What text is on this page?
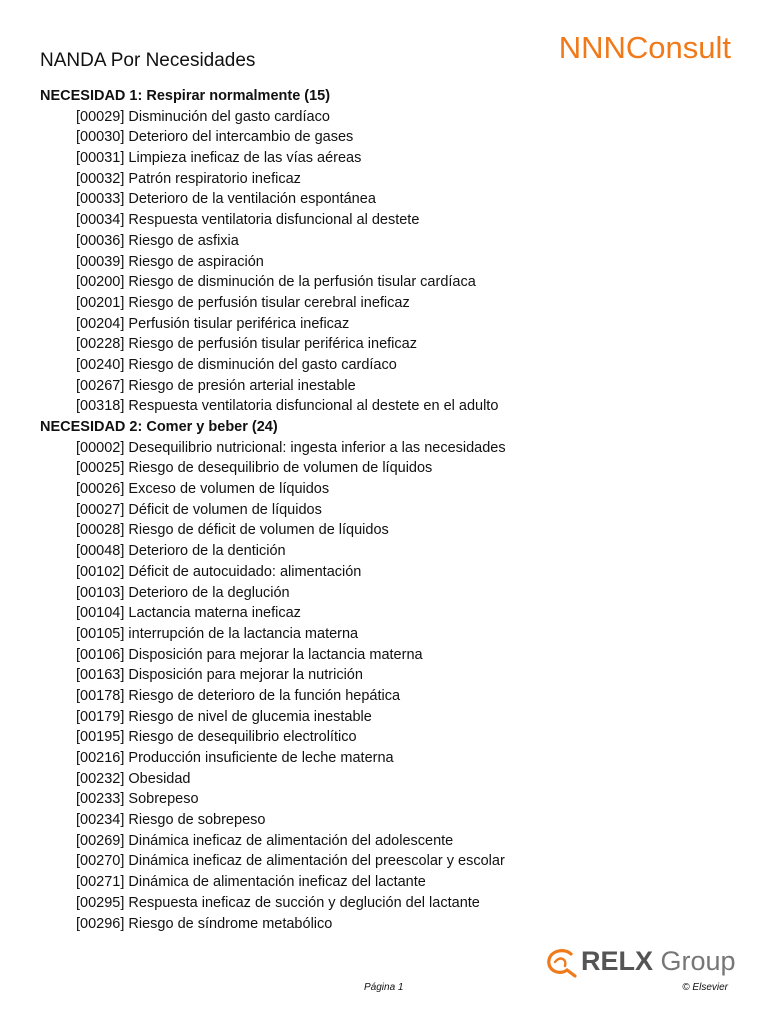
NANDA Por Necesidades	NNNConsult
NECESIDAD 1: Respirar normalmente (15)
[00029] Disminución del gasto cardíaco
[00030] Deterioro del intercambio de gases
[00031] Limpieza ineficaz de las vías aéreas
[00032] Patrón respiratorio ineficaz
[00033] Deterioro de la ventilación espontánea
[00034] Respuesta ventilatoria disfuncional al destete
[00036] Riesgo de asfixia
[00039] Riesgo de aspiración
[00200] Riesgo de disminución de la perfusión tisular cardíaca
[00201] Riesgo de perfusión tisular cerebral ineficaz
[00204] Perfusión tisular periférica ineficaz
[00228] Riesgo de perfusión tisular periférica ineficaz
[00240] Riesgo de disminución del gasto cardíaco
[00267] Riesgo de presión arterial inestable
[00318] Respuesta ventilatoria disfuncional al destete en el adulto
NECESIDAD 2: Comer y beber (24)
[00002] Desequilibrio nutricional: ingesta inferior a las necesidades
[00025] Riesgo de desequilibrio de volumen de líquidos
[00026] Exceso de volumen de líquidos
[00027] Déficit de volumen de líquidos
[00028] Riesgo de déficit de volumen de líquidos
[00048] Deterioro de la dentición
[00102] Déficit de autocuidado: alimentación
[00103] Deterioro de la deglución
[00104] Lactancia materna ineficaz
[00105] interrupción de la lactancia materna
[00106] Disposición para mejorar la lactancia materna
[00163] Disposición para mejorar la nutrición
[00178] Riesgo de deterioro de la función hepática
[00179] Riesgo de nivel de glucemia inestable
[00195] Riesgo de desequilibrio electrolítico
[00216] Producción insuficiente de leche materna
[00232] Obesidad
[00233] Sobrepeso
[00234] Riesgo de sobrepeso
[00269] Dinámica ineficaz de alimentación del adolescente
[00270] Dinámica ineficaz de alimentación del preescolar y escolar
[00271] Dinámica de alimentación ineficaz del lactante
[00295] Respuesta ineficaz de succión y deglución del lactante
[00296] Riesgo de síndrome metabólico
RELX Group
Página 1	© Elsevier
